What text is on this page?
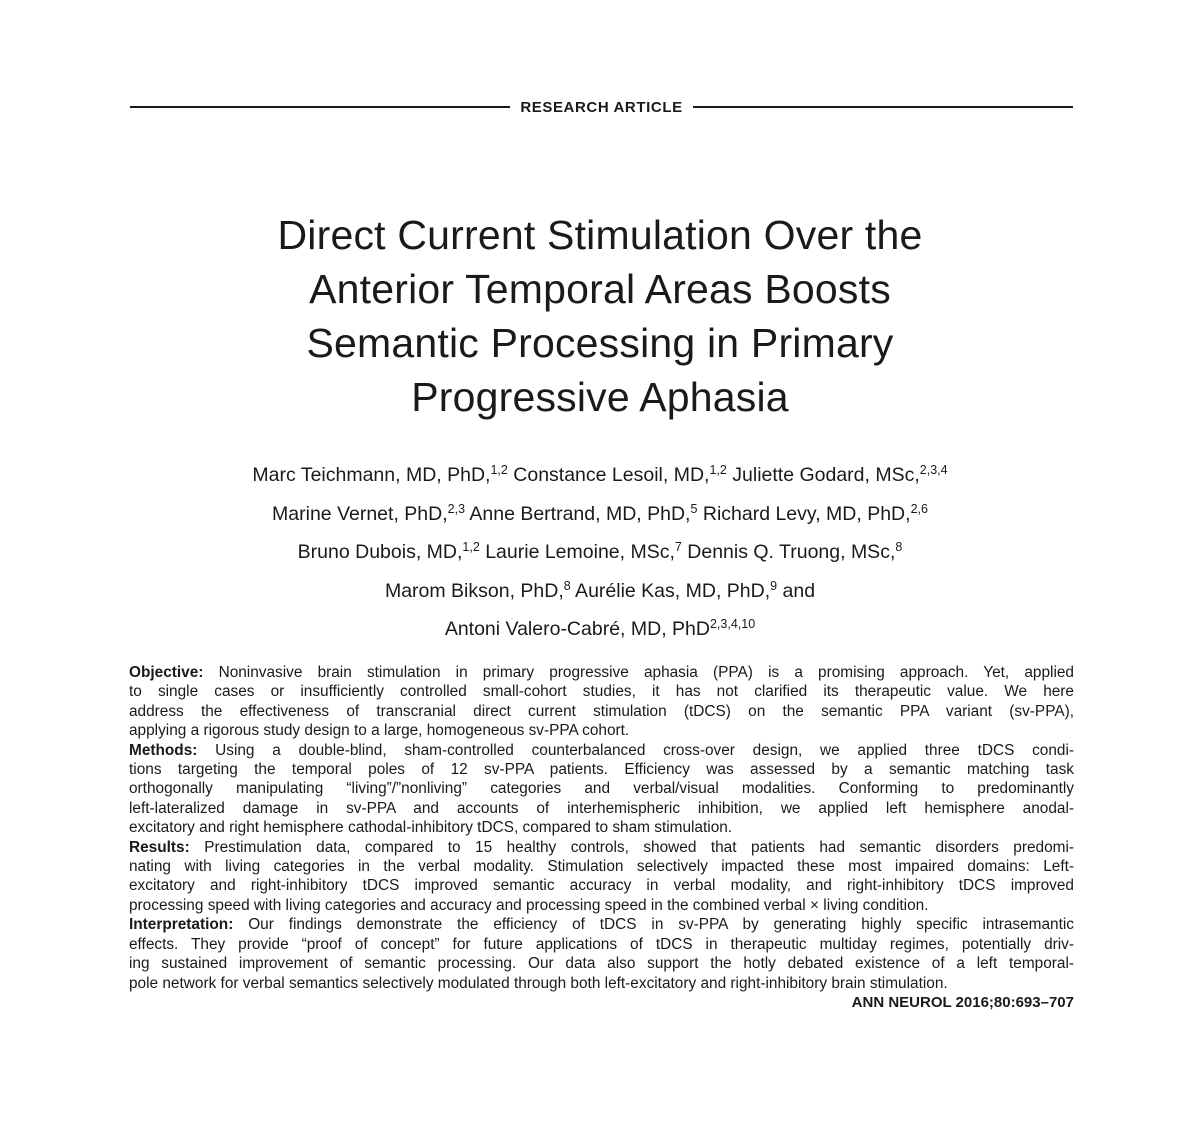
RESEARCH ARTICLE
Direct Current Stimulation Over the
Anterior Temporal Areas Boosts
Semantic Processing in Primary
Progressive Aphasia
Marc Teichmann, MD, PhD,$^{1,2}$ Constance Lesoil, MD,$^{1,2}$ Juliette Godard, MSc,$^{2,3,4}$
Marine Vernet, PhD,$^{2,3}$ Anne Bertrand, MD, PhD,$^5$ Richard Levy, MD, PhD,$^{2,6}$
Bruno Dubois, MD,$^{1,2}$ Laurie Lemoine, MSc,$^7$ Dennis Q. Truong, MSc,$^8$
Marom Bikson, PhD,$^8$ Aurélie Kas, MD, PhD,$^9$ and
Antoni Valero-Cabré, MD, PhD$^{2,3,4,10}$
Objective: Noninvasive brain stimulation in primary progressive aphasia (PPA) is a promising approach. Yet, applied
to single cases or insufficiently controlled small-cohort studies, it has not clarified its therapeutic value. We here
address the effectiveness of transcranial direct current stimulation (tDCS) on the semantic PPA variant (sv-PPA),
applying a rigorous study design to a large, homogeneous sv-PPA cohort.
Methods: Using a double-blind, sham-controlled counterbalanced cross-over design, we applied three tDCS condi-
tions targeting the temporal poles of 12 sv-PPA patients. Efficiency was assessed by a semantic matching task
orthogonally manipulating “living”/”nonliving” categories and verbal/visual modalities. Conforming to predominantly
left-lateralized damage in sv-PPA and accounts of interhemispheric inhibition, we applied left hemisphere anodal-
excitatory and right hemisphere cathodal-inhibitory tDCS, compared to sham stimulation.
Results: Prestimulation data, compared to 15 healthy controls, showed that patients had semantic disorders predomi-
nating with living categories in the verbal modality. Stimulation selectively impacted these most impaired domains: Left-
excitatory and right-inhibitory tDCS improved semantic accuracy in verbal modality, and right-inhibitory tDCS improved
processing speed with living categories and accuracy and processing speed in the combined verbal × living condition.
Interpretation: Our findings demonstrate the efficiency of tDCS in sv-PPA by generating highly specific intrasemantic
effects. They provide “proof of concept” for future applications of tDCS in therapeutic multiday regimes, potentially driv-
ing sustained improvement of semantic processing. Our data also support the hotly debated existence of a left temporal-
pole network for verbal semantics selectively modulated through both left-excitatory and right-inhibitory brain stimulation.
ANN NEUROL 2016;80:693–707
